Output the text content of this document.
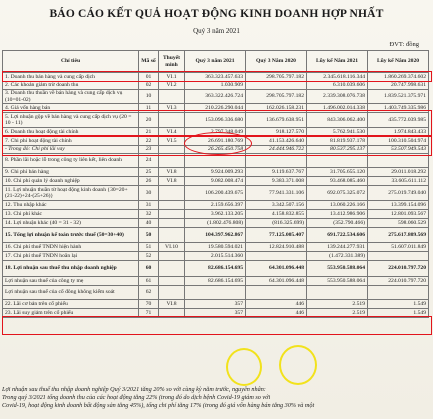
BÁO CÁO KẾT QUẢ HOẠT ĐỘNG KINH DOANH HỢP NHẤT
Quý 3 năm 2021
ĐVT: đồng
Chỉ tiêu	Mã số	Thuyết minh	Quý 3 năm 2021	Quý 3 Năm 2020	Lũy kế Năm 2021	Lũy kế Năm 2020
1. Doanh thu bán hàng và cung cấp dịch	01	VI.1	363.323.457.633	298.705.797.182	2.345.618.116.344	1.860.269.374.602
2. Các khoản giảm trừ doanh thu	02	VI.2	1.030.909		6.310.039.606	20.747.998.631
3. Doanh thu thuần về bán hàng và cung cấp dịch vụ (10=01-02)	10		363.322.426.724	298.705.797.182	2.339.308.076.738	1.839.521.375.971
4. Giá vốn hàng bán	11	VI.3	210.226.290.044	162.026.158.231	1.496.002.014.338	1.403.749.335.986
5. Lợi nhuận gộp về bán hàng và cung cấp dịch vụ (20 = 10 - 11)	20		153.096.336.680	136.679.638.951	843.306.062.400	435.772.039.985
6. Doanh thu hoạt động tài chính	21	VI.4	2.797.348.049	918.127.570	5.762.941.530	1.974.843.433
7. Chi phí hoạt động tài chính	22	VI.5	26.691.180.769	41.153.426.640	81.819.937.178	100.310.504.974
- Trong đó: Chi phí lãi vay	23		26.265.450.758	24.444.946.722	80.537.295.137	53.507.949.543
8. Phần lãi hoặc lỗ trong công ty liên kết, liên doanh	24					
9. Chi phí bán hàng	25	VI.8	9.924.009.293	9.119.637.767	31.705.655.120	29.011.018.292
10. Chi phí quản lý doanh nghiệp	26	VI.8	9.082.008.474	9.383.371.008	93.468.085.460	33.605.611.112
11. Lợi nhuận thuần từ hoạt động kinh doanh {30=20+(21-22)+24-(25+26)}	30		106.200.439.675	77.941.331.106	692.075.325.072	275.019.749.040
12. Thu nhập khác	31		2.159.656.397	3.342.507.156	13.060.226.166	13.399.154.096
13. Chi phí khác	32		3.962.133.205	4.158.832.855	13.412.986.906	12.801.093.567
14. Lợi nhuận khác (40 = 31 - 32)	40		(1.802.476.808)	(816.325.699)	(352.790.466)	598.060.529
15. Tổng lợi nhuận kế toán trước thuế (50=30+40)	50		104.397.962.867	77.125.005.407	691.722.534.606	275.617.809.569
16. Chi phí thuế TNDN hiện hành	51	VI.10	19.580.594.021	12.824.910.488	139.244.277.931	51.607.011.849
17. Chi phí thuế TNDN hoãn lại	52		2.015.514.360		(1.472.331.389)	
18. Lợi nhuận sau thuế thu nhập doanh nghiệp	60		82.686.154.695	64.301.096.448	553.950.588.064	224.010.797.720
Lợi nhuận sau thuế của công ty mẹ	61		82.686.154.695	64.301.096.448	553.950.588.064	224.010.797.720
Lợi nhuận sau thuế của cổ đông không kiểm soát	62					
22. Lãi cơ bản trên cổ phiếu	70	VI.8	357	446	2.519	1.549
23. Lãi suy giảm trên cổ phiếu	71		357	446	2.519	1.549
Lợi nhuận sau thuế thu nhập doanh nghiệp Quý 3/2021 tăng 20% so với cùng kỳ năm trước, nguyên nhân:
Trong quý 3/2021 tổng doanh thu của các hoạt động tăng 22% (trong đó do dịch bệnh Covid-19 giảm so với
Covid-19, hoạt động kinh doanh bất động sản tăng 45%), tổng chi phí tăng 17% (trong đó giá vốn hàng bán tăng 30% và một
